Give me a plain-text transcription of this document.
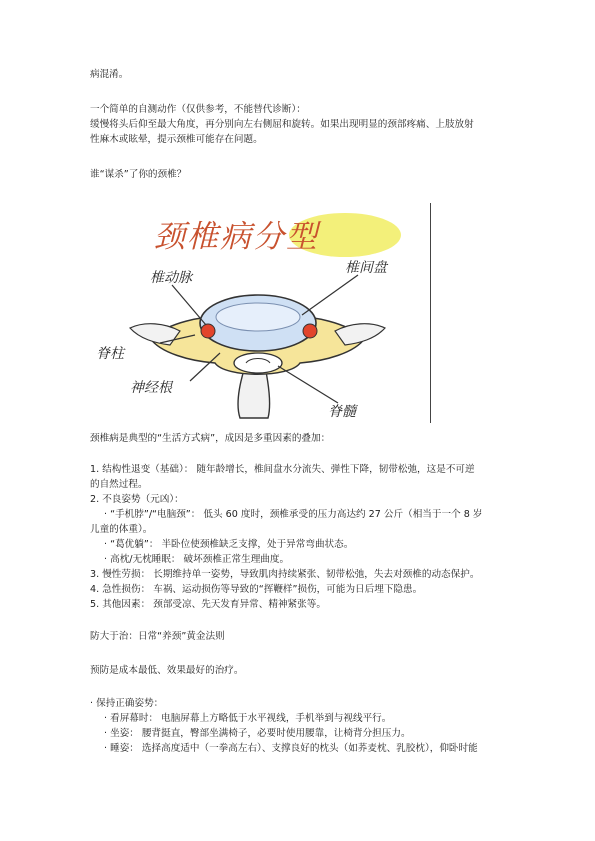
病混淆。
一个简单的自测动作（仅供参考，不能替代诊断）：
缓慢将头后仰至最大角度，再分别向左右侧屈和旋转。如果出现明显的颈部疼痛、上肢放射
性麻木或眩晕，提示颈椎可能存在问题。
谁“谋杀”了你的颈椎？
颈椎病分型
椎动脉
椎间盘
脊柱
神经根
脊髓
颈椎病是典型的“生活方式病”，成因是多重因素的叠加：
1. 结构性退变（基础）： 随年龄增长，椎间盘水分流失、弹性下降，韧带松弛，这是不可逆
的自然过程。
2. 不良姿势（元凶）：
· “手机脖”/“电脑颈”： 低头 60 度时，颈椎承受的压力高达约 27 公斤（相当于一个 8 岁
儿童的体重）。
· “葛优躺”： 半卧位使颈椎缺乏支撑，处于异常弯曲状态。
· 高枕/无枕睡眠： 破坏颈椎正常生理曲度。
3. 慢性劳损： 长期维持单一姿势，导致肌肉持续紧张、韧带松弛，失去对颈椎的动态保护。
4. 急性损伤： 车祸、运动损伤等导致的“挥鞭样”损伤，可能为日后埋下隐患。
5. 其他因素： 颈部受凉、先天发育异常、精神紧张等。
防大于治：日常“养颈”黄金法则
预防是成本最低、效果最好的治疗。
· 保持正确姿势：
· 看屏幕时： 电脑屏幕上方略低于水平视线，手机举到与视线平行。
· 坐姿： 腰背挺直，臀部坐满椅子，必要时使用腰靠，让椅背分担压力。
· 睡姿： 选择高度适中（一拳高左右）、支撑良好的枕头（如荞麦枕、乳胶枕），仰卧时能
